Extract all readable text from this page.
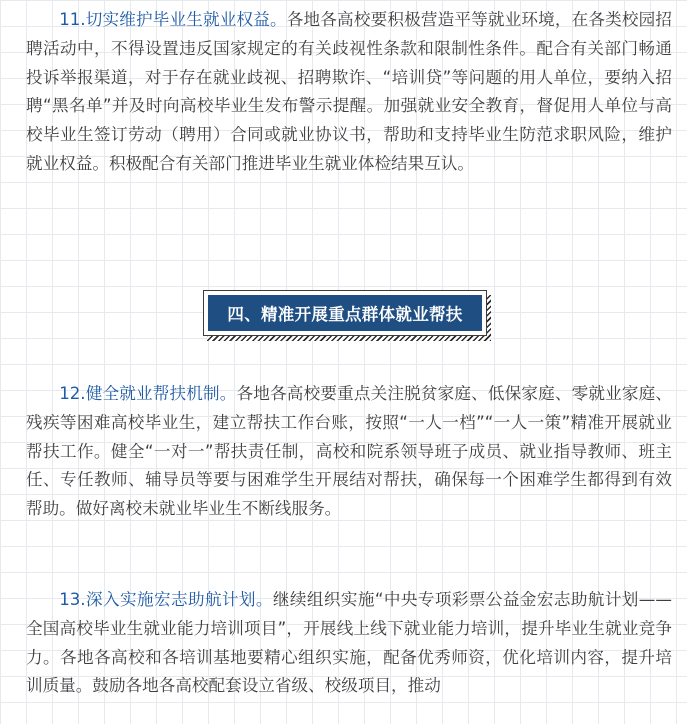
11.切实维护毕业生就业权益。各地各高校要积极营造平等就业环境，在各类校园招聘活动中，不得设置违反国家规定的有关歧视性条款和限制性条件。配合有关部门畅通投诉举报渠道，对于存在就业歧视、招聘欺诈、“培训贷”等问题的用人单位，要纳入招聘“黑名单”并及时向高校毕业生发布警示提醒。加强就业安全教育，督促用人单位与高校毕业生签订劳动（聘用）合同或就业协议书，帮助和支持毕业生防范求职风险，维护就业权益。积极配合有关部门推进毕业生就业体检结果互认。

四、精准开展重点群体就业帮扶

12.健全就业帮扶机制。各地各高校要重点关注脱贫家庭、低保家庭、零就业家庭、残疾等困难高校毕业生，建立帮扶工作台账，按照“一人一档”“一人一策”精准开展就业帮扶工作。健全“一对一”帮扶责任制，高校和院系领导班子成员、就业指导教师、班主任、专任教师、辅导员等要与困难学生开展结对帮扶，确保每一个困难学生都得到有效帮助。做好离校未就业毕业生不断线服务。

13.深入实施宏志助航计划。继续组织实施“中央专项彩票公益金宏志助航计划——全国高校毕业生就业能力培训项目”，开展线上线下就业能力培训，提升毕业生就业竞争力。各地各高校和各培训基地要精心组织实施，配备优秀师资，优化培训内容，提升培训质量。鼓励各地各高校配套设立省级、校级项目，推动
